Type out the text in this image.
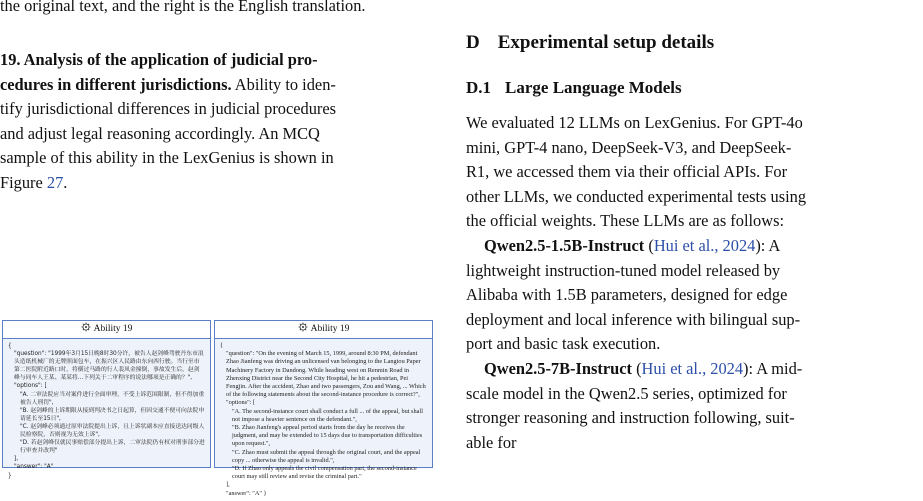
the original text, and the right is the English translation.
19. Analysis of the application of judicial pro-
cedures in different jurisdictions. Ability to iden-
tify jurisdictional differences in judicial procedures
and adjust legal reasoning accordingly. An MCQ
sample of this ability in the LexGenius is shown in
Figure 27.
Ability 19
{
"question": "1999年3月15日晚8时30分许，被告人赵剑峰驾驶丹东市浪头造纸机械厂的无牌照面包车，在振兴区人民路由东向西行驶。当行至市第二医院附近路口时，将横过马路的行人裴凤金撞倒，事故发生后，赵剑峰与同车人王某、某某将...下列关于二审程序的说法哪项是正确的？",
"options": [
"A. 二审法院应当对案件进行全面审理，不受上诉范围限制，但不得加重被告人刑罚",
"B. 赵剑峰的上诉期限从接到判决书之日起算，但因交通不便可向法院申请延长至15日",
"C. 赵剑峰必须通过原审法院提出上诉，且上诉状副本应直接送达同级人民检察院，否则视为无效上诉",
"D. 若赵剑峰仅就民事赔偿部分提出上诉，二审法院仍有权对刑事部分进行审查并改判"
],
"answer": "A"
}
Ability 19
{
"question": "On the evening of March 15, 1999, around 8:30 PM, defendant Zhao Jianfeng was driving an unlicensed van belonging to the Langtou Paper Machinery Factory in Dandong. While heading west on Renmin Road in Zhenxing District near the Second City Hospital, he hit a pedestrian, Pei Fengjin. After the accident, Zhao and two passengers, Zou and Wang, ... Which of the following statements about the second-instance procedure is correct?",
"options": [
"A. The second-instance court shall conduct a full ... of the appeal, but shall not impose a heavier sentence on the defendant.",
"B. Zhao Jianfeng's appeal period starts from the day he receives the judgment, and may be extended to 15 days due to transportation difficulties upon request.",
"C. Zhao must submit the appeal through the original court, and the appeal copy ... otherwise the appeal is invalid.",
"D. If Zhao only appeals the civil compensation part, the second-instance court may still review and revise the criminal part."
],
"answer": "A" }
D Experimental setup details
D.1 Large Language Models
We evaluated 12 LLMs on LexGenius. For GPT-4o
mini, GPT-4 nano, DeepSeek-V3, and DeepSeek-
R1, we accessed them via their official APIs. For
other LLMs, we conducted experimental tests using
the official weights. These LLMs are as follows:
Qwen2.5-1.5B-Instruct (Hui et al., 2024): A
lightweight instruction-tuned model released by
Alibaba with 1.5B parameters, designed for edge
deployment and local inference with bilingual sup-
port and basic task execution.
Qwen2.5-7B-Instruct (Hui et al., 2024): A mid-
scale model in the Qwen2.5 series, optimized for
stronger reasoning and instruction following, suit-
able for
